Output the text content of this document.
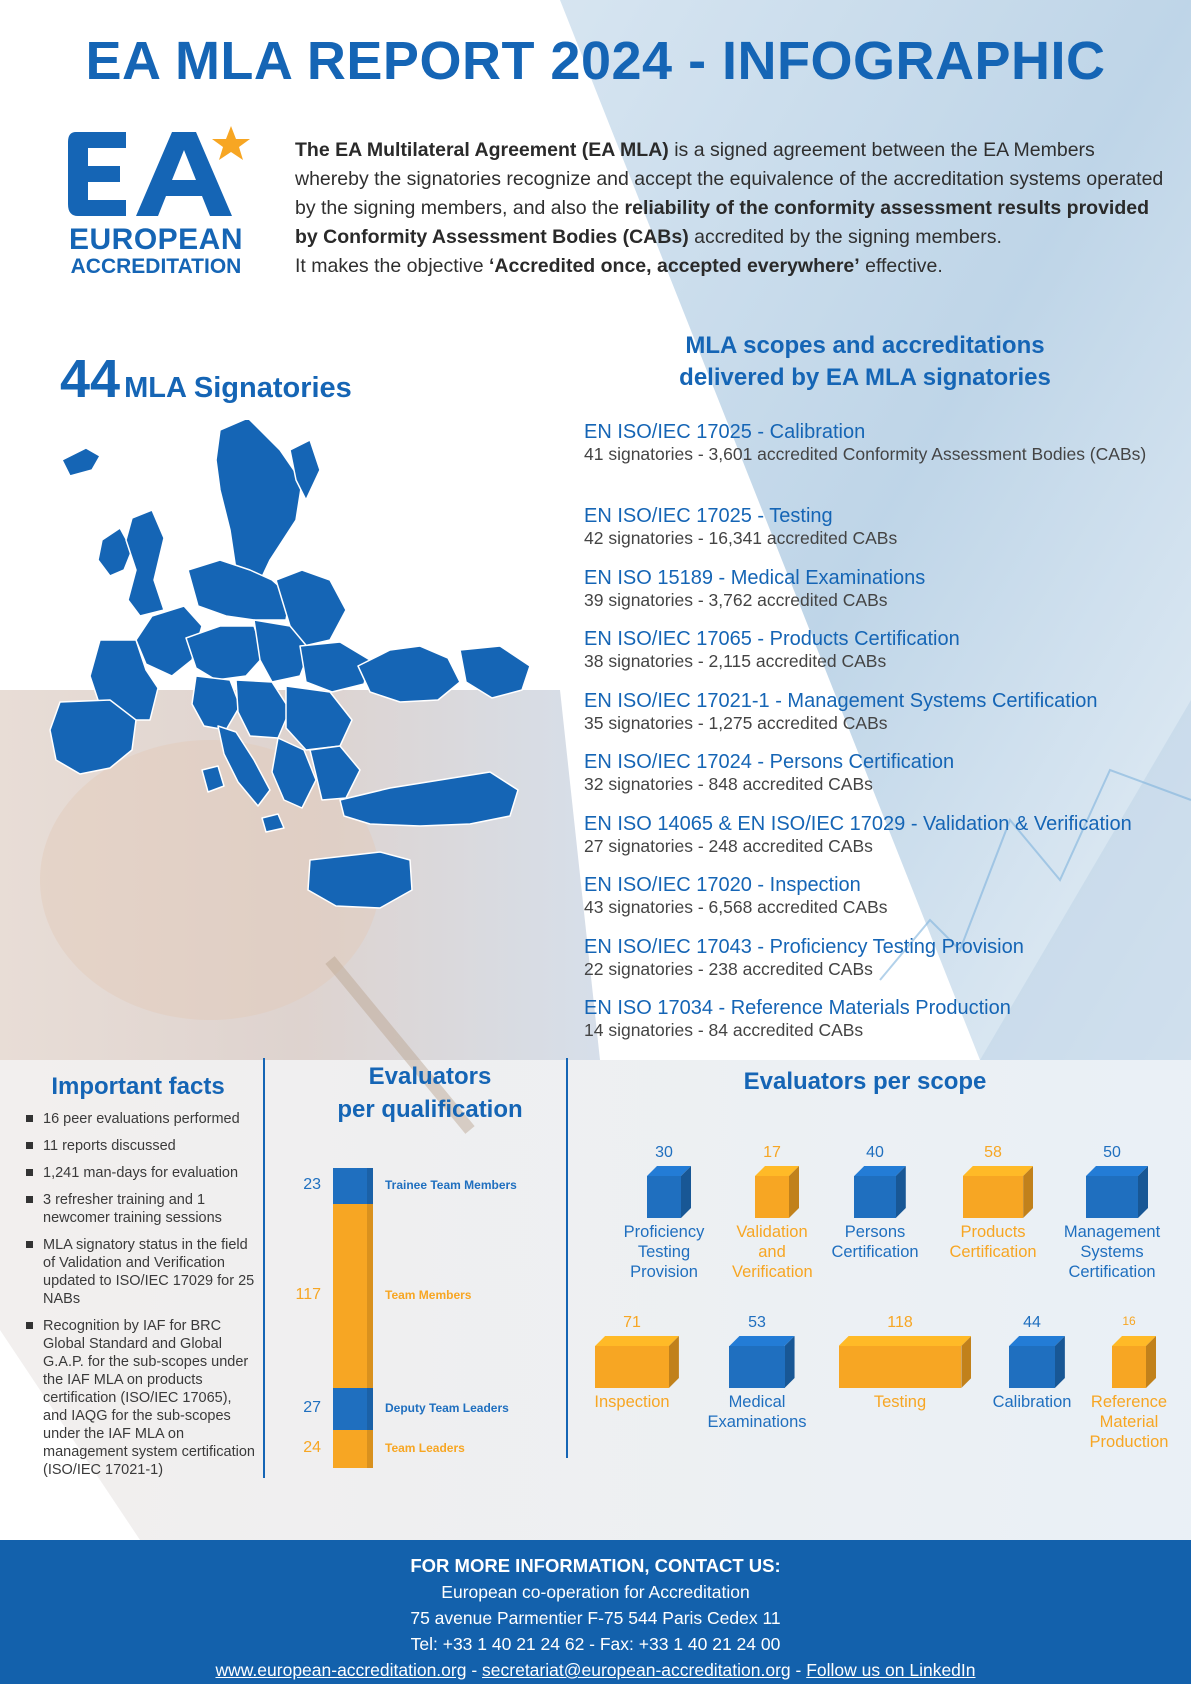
EA MLA REPORT 2024 - INFOGRAPHIC
EUROPEAN
ACCREDITATION
The EA Multilateral Agreement (EA MLA) is a signed agreement between the EA Members whereby the signatories recognize and accept the equivalence of the accreditation systems operated by the signing members, and also the reliability of the conformity assessment results provided by Conformity Assessment Bodies (CABs) accredited by the signing members.
It makes the objective ‘Accredited once, accepted everywhere’ effective.
44 MLA Signatories
MLA scopes and accreditations
delivered by EA MLA signatories
EN ISO/IEC 17025 - Calibration
41 signatories - 3,601 accredited Conformity Assessment Bodies (CABs)
EN ISO/IEC 17025 - Testing
42 signatories - 16,341 accredited CABs
EN ISO 15189 - Medical Examinations
39 signatories - 3,762 accredited CABs
EN ISO/IEC 17065 - Products Certification
38 signatories - 2,115 accredited CABs
EN ISO/IEC 17021-1 - Management Systems Certification
35 signatories - 1,275 accredited CABs
EN ISO/IEC 17024 - Persons Certification
32 signatories - 848 accredited CABs
EN ISO 14065 & EN ISO/IEC 17029 - Validation & Verification
27 signatories - 248 accredited CABs
EN ISO/IEC 17020 - Inspection
43 signatories - 6,568 accredited CABs
EN ISO/IEC 17043 - Proficiency Testing Provision
22 signatories - 238 accredited CABs
EN ISO 17034 - Reference Materials Production
14 signatories - 84 accredited CABs
Important facts
16 peer evaluations performed
11 reports discussed
1,241 man-days for evaluation
3 refresher training and 1 newcomer training sessions
MLA signatory status in the field of Validation and Verification updated to ISO/IEC 17029 for 25 NABs
Recognition by IAF for BRC Global Standard and Global G.A.P. for the sub-scopes under the IAF MLA on products certification (ISO/IEC 17065), and IAQG for the sub-scopes under the IAF MLA on management system certification (ISO/IEC 17021-1)
Evaluators
per qualification
23	Trainee Team Members
117	Team Members
27	Deputy Team Leaders
24	Team Leaders
Evaluators per scope
30
Proficiency Testing Provision
17
Validation and Verification
40
Persons Certification
58
Products Certification
50
Management Systems Certification
71
Inspection
53
Medical Examinations
118
Testing
44
Calibration
16
Reference Material Production
FOR MORE INFORMATION, CONTACT US:
European co-operation for Accreditation
75 avenue Parmentier F-75 544 Paris Cedex 11
Tel: +33 1 40 21 24 62 - Fax: +33 1 40 21 24 00
www.european-accreditation.org - secretariat@european-accreditation.org - Follow us on LinkedIn
